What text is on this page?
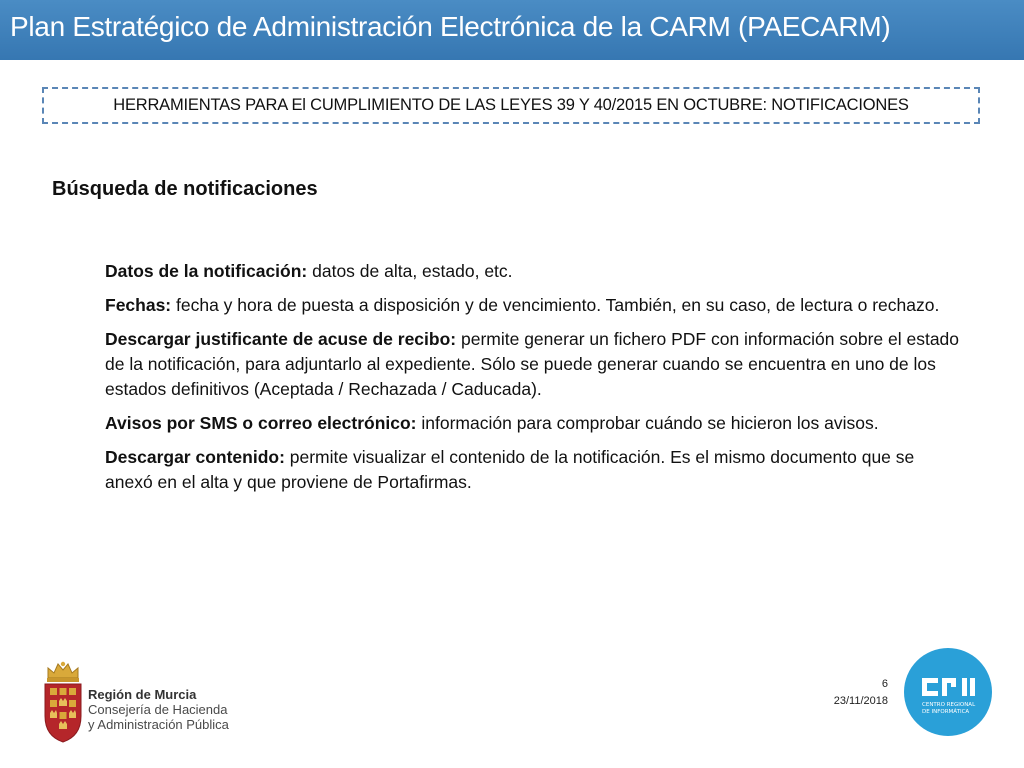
Plan Estratégico de Administración Electrónica de la CARM (PAECARM)
HERRAMIENTAS PARA El CUMPLIMIENTO DE LAS LEYES 39 Y 40/2015 EN OCTUBRE: NOTIFICACIONES
Búsqueda de notificaciones
Datos de la notificación: datos de alta, estado, etc.
Fechas: fecha y hora de puesta a disposición y de vencimiento. También, en su caso, de lectura o rechazo.
Descargar justificante de acuse de recibo: permite generar un fichero PDF con información sobre el estado de la notificación, para adjuntarlo al expediente. Sólo se puede generar cuando se encuentra en uno de los estados definitivos (Aceptada / Rechazada / Caducada).
Avisos por SMS o correo electrónico: información para comprobar cuándo se hicieron los avisos.
Descargar contenido: permite visualizar el contenido de la notificación. Es el mismo documento que se anexó en el alta y que proviene de Portafirmas.
Región de Murcia
Consejería de Hacienda
y Administración Pública
6
23/11/2018	CENTRO REGIONAL
DE INFORMÁTICA
